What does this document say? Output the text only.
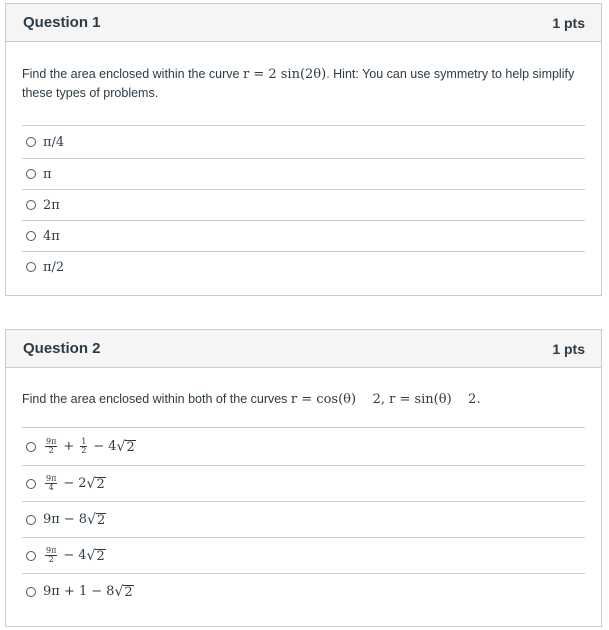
Question 1	1 pts
Find the area enclosed within the curve r = 2 sin(2θ). Hint: You can use symmetry to help simplify these types of problems.
π/4
π
2π
4π
π/2
Question 2	1 pts
Find the area enclosed within both of the curves r = cos(θ)    2, r = sin(θ)    2.
$\frac{9\pi}{2} + \frac{1}{2} - 4$ √ 2
$\frac{9\pi}{4} - 2$ √ 2
9π − 8 √ 2
$\frac{9\pi}{2} - 4$ √ 2
9π + 1 − 8 √ 2
